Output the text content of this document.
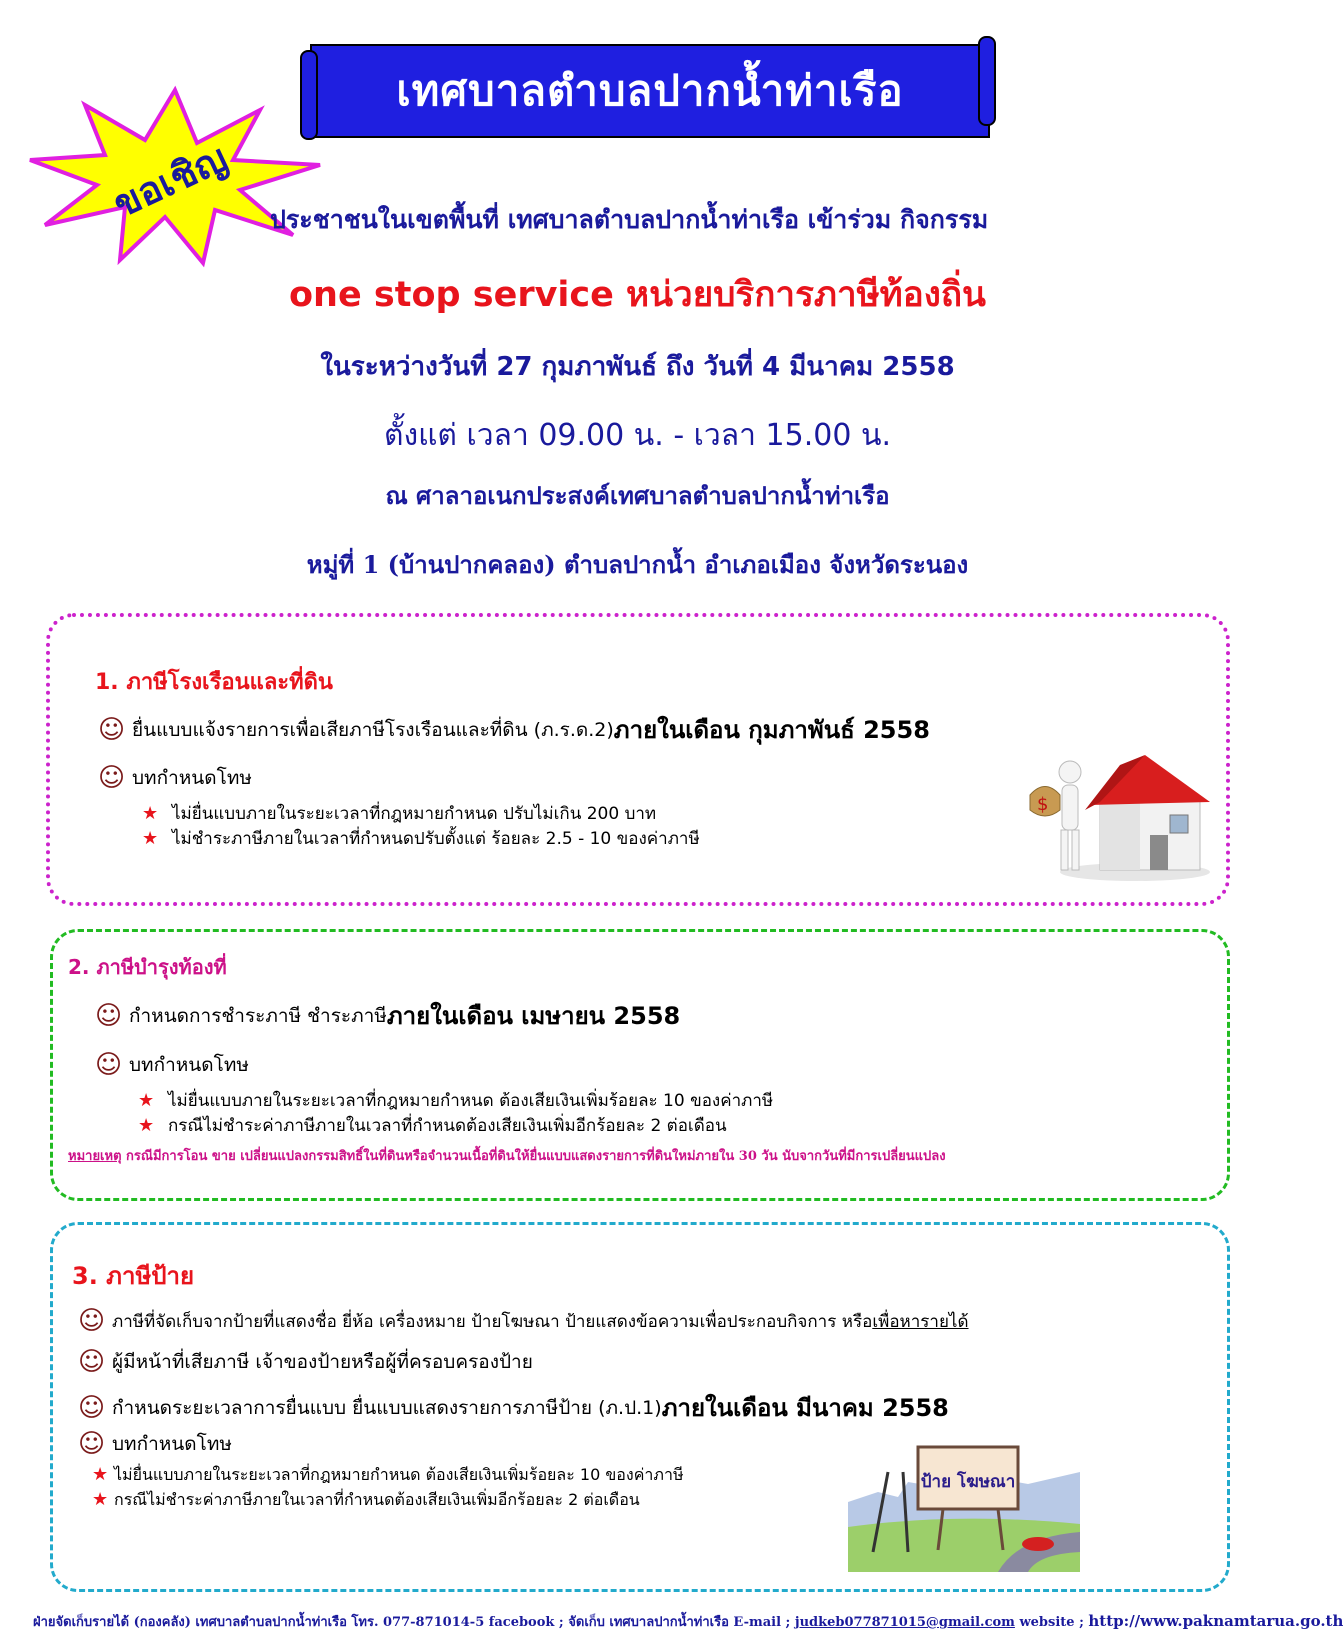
เทศบาลตำบลปากน้ำท่าเรือ
ขอเชิญ ประชาชนในเขตพื้นที่ เทศบาลตำบลปากน้ำท่าเรือ เข้าร่วม กิจกรรม
one stop service หน่วยบริการภาษีท้องถิ่น
ในระหว่างวันที่ 27 กุมภาพันธ์ ถึง วันที่ 4 มีนาคม 2558
ตั้งแต่ เวลา 09.00 น. - เวลา 15.00 น.
ณ ศาลาอเนกประสงค์เทศบาลตำบลปากน้ำท่าเรือ
หมู่ที่ 1 (บ้านปากคลอง) ตำบลปากน้ำ อำเภอเมือง จังหวัดระนอง
1. ภาษีโรงเรือนและที่ดิน
☺ ยื่นแบบแจ้งรายการเพื่อเสียภาษีโรงเรือนและที่ดิน (ภ.ร.ด.2) ภายในเดือน กุมภาพันธ์ 2558
☺ บทกำหนดโทษ
★ ไม่ยื่นแบบภายในระยะเวลาที่กฎหมายกำหนด ปรับไม่เกิน 200 บาท
★ ไม่ชำระภาษีภายในเวลาที่กำหนดปรับตั้งแต่ ร้อยละ 2.5 - 10 ของค่าภาษี
$
2. ภาษีบำรุงท้องที่
☺ กำหนดการชำระภาษี ชำระภาษี ภายในเดือน เมษายน 2558
☺ บทกำหนดโทษ
★ ไม่ยื่นแบบภายในระยะเวลาที่กฎหมายกำหนด ต้องเสียเงินเพิ่มร้อยละ 10 ของค่าภาษี
★ กรณีไม่ชำระค่าภาษีภายในเวลาที่กำหนดต้องเสียเงินเพิ่มอีกร้อยละ 2 ต่อเดือน
หมายเหตุ กรณีมีการโอน ขาย เปลี่ยนแปลงกรรมสิทธิ์ในที่ดินหรือจำนวนเนื้อที่ดินให้ยื่นแบบแสดงรายการที่ดินใหม่ภายใน 30 วัน นับจากวันที่มีการเปลี่ยนแปลง
3. ภาษีป้าย
☺ ภาษีที่จัดเก็บจากป้ายที่แสดงชื่อ ยี่ห้อ เครื่องหมาย ป้ายโฆษณา ป้ายแสดงข้อความเพื่อประกอบกิจการ หรือ เพื่อหารายได้
☺ ผู้มีหน้าที่เสียภาษี เจ้าของป้ายหรือผู้ที่ครอบครองป้าย
☺ กำหนดระยะเวลาการยื่นแบบ ยื่นแบบแสดงรายการภาษีป้าย (ภ.ป.1) ภายในเดือน มีนาคม 2558
☺ บทกำหนดโทษ
★ ไม่ยื่นแบบภายในระยะเวลาที่กฎหมายกำหนด ต้องเสียเงินเพิ่มร้อยละ 10 ของค่าภาษี
★ กรณีไม่ชำระค่าภาษีภายในเวลาที่กำหนดต้องเสียเงินเพิ่มอีกร้อยละ 2 ต่อเดือน
ป้าย โฆษณา
ฝ่ายจัดเก็บรายได้ (กองคลัง) เทศบาลตำบลปากน้ำท่าเรือ โทร. 077-871014-5 facebook ; จัดเก็บ เทศบาลปากน้ำท่าเรือ E-mail ; judkeb077871015@gmail.com website ; http://www.paknamtarua.go.th
